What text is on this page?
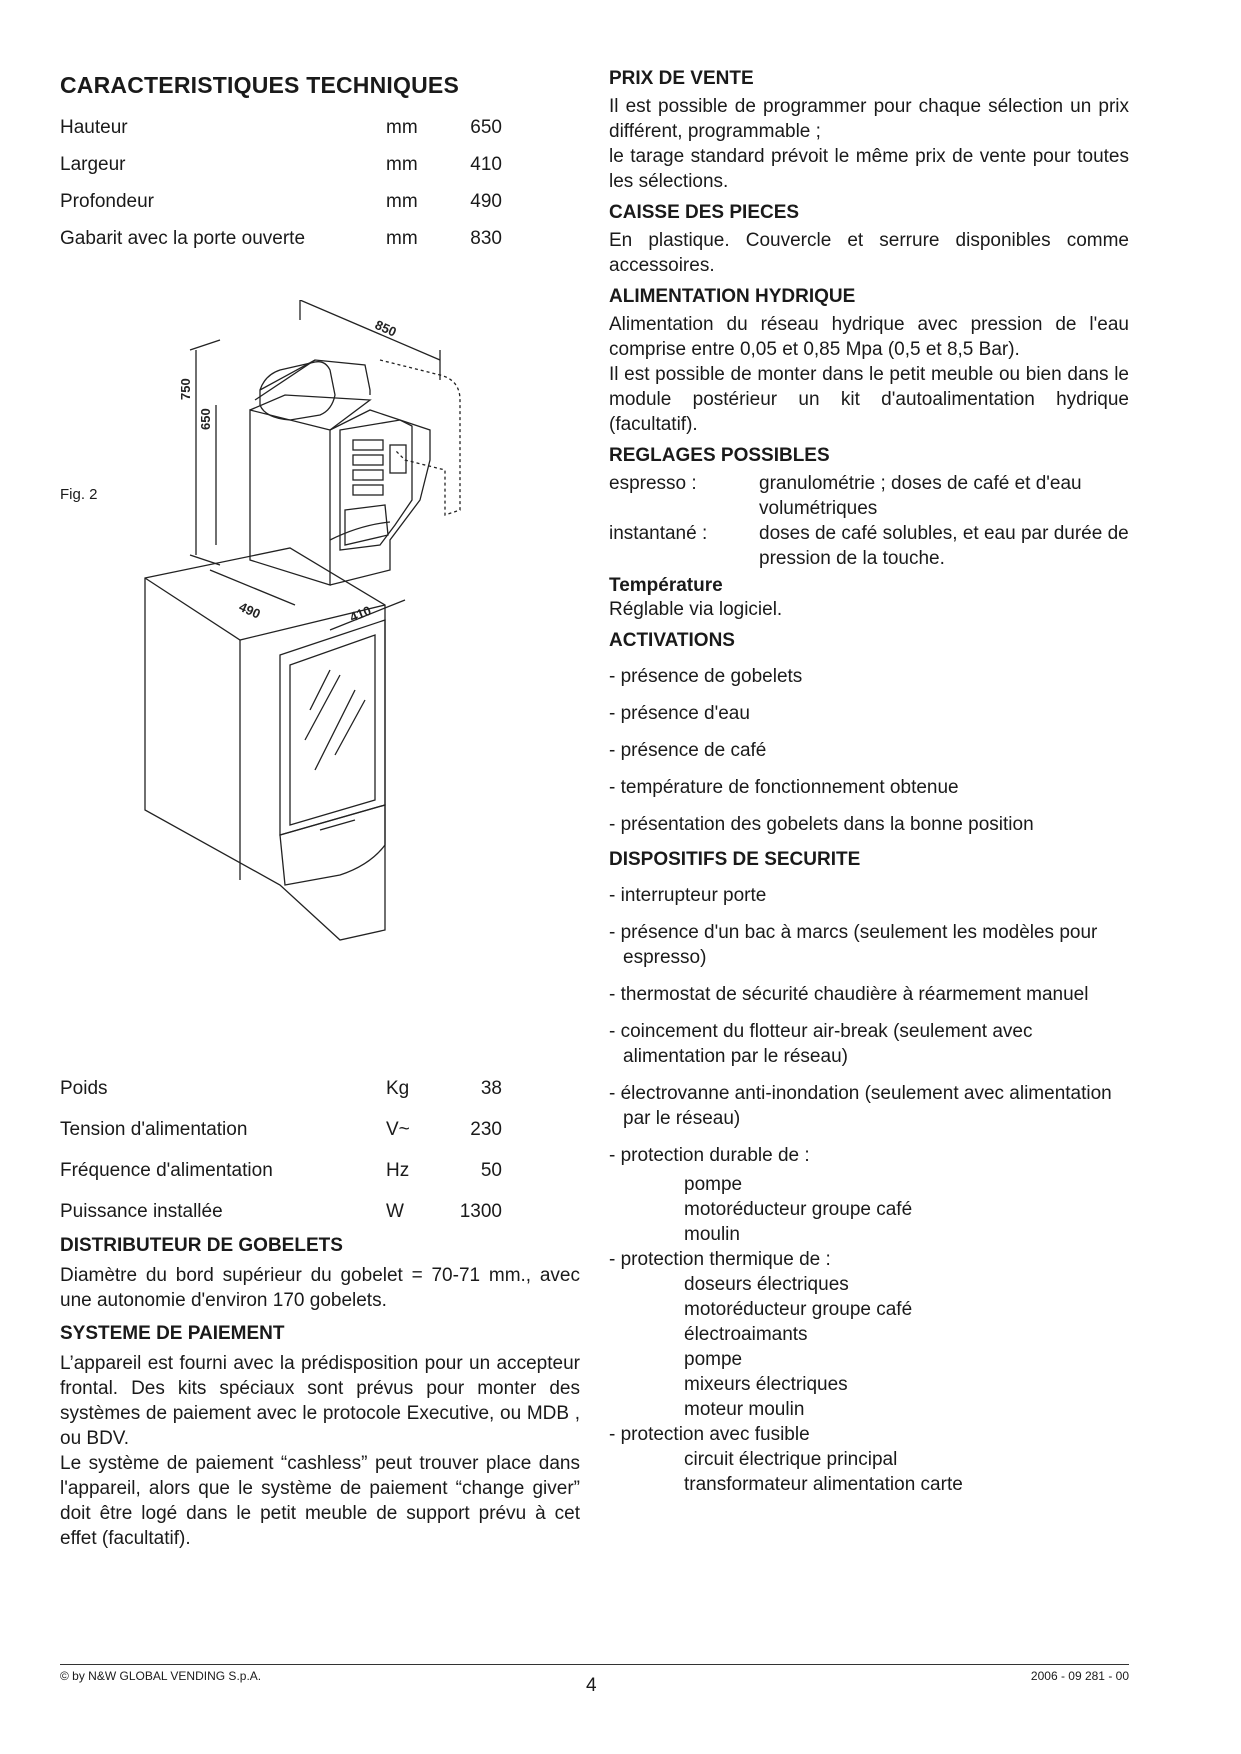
CARACTERISTIQUES TECHNIQUES
Hauteur	mm	650
Largeur	mm	410
Profondeur	mm	490
Gabarit avec la porte ouverte	mm	830
Fig. 2
850
750
650
490	410
Poids	Kg	38
Tension d'alimentation	V~	230
Fréquence d'alimentation	Hz	50
Puissance installée	W	1300
DISTRIBUTEUR DE GOBELETS

Diamètre du bord supérieur du gobelet = 70-71 mm., avec une autonomie d'environ 170 gobelets.

SYSTEME DE PAIEMENT

L’appareil est fourni avec la prédisposition pour un accepteur frontal. Des kits spéciaux sont prévus pour monter des systèmes de paiement avec le protocole Executive, ou MDB , ou BDV.

Le système de paiement “cashless” peut trouver place dans l'appareil, alors que le système de paiement “change giver” doit être logé dans le petit meuble de support prévu à cet effet (facultatif).

PRIX DE VENTE

Il est possible de programmer pour chaque sélection un prix différent, programmable ;

le tarage standard prévoit le même prix de vente pour toutes les sélections.

CAISSE DES PIECES

En plastique. Couvercle et serrure disponibles comme accessoires.

ALIMENTATION HYDRIQUE

Alimentation du réseau hydrique avec pression de l'eau comprise entre 0,05 et 0,85 Mpa (0,5 et 8,5 Bar).

Il est possible de monter dans le petit meuble ou bien dans le module postérieur un kit d'autoalimentation hydrique (facultatif).

REGLAGES POSSIBLES
espresso :	granulométrie ; doses de café et d'eau volumétriques
instantané :	doses de café solubles, et eau par durée de pression de la touche.
Température

Réglable via logiciel.

ACTIVATIONS
- présence de gobelets
- présence d'eau
- présence de café
- température de fonctionnement obtenue
- présentation des gobelets dans la bonne position
DISPOSITIFS DE SECURITE
- interrupteur porte
- présence d'un bac à marcs (seulement les modèles pour espresso)
- thermostat de sécurité chaudière à réarmement manuel
- coincement du flotteur air-break (seulement avec alimentation par le réseau)
- électrovanne anti-inondation (seulement avec alimentation par le réseau)
- protection durable de :
pompe
motoréducteur groupe café
moulin
- protection thermique de :
doseurs électriques
motoréducteur groupe café
électroaimants
pompe
mixeurs électriques
moteur moulin
- protection avec fusible
circuit électrique principal
transformateur alimentation carte
© by N&W GLOBAL VENDING S.p.A.	4	2006 - 09 281 - 00
